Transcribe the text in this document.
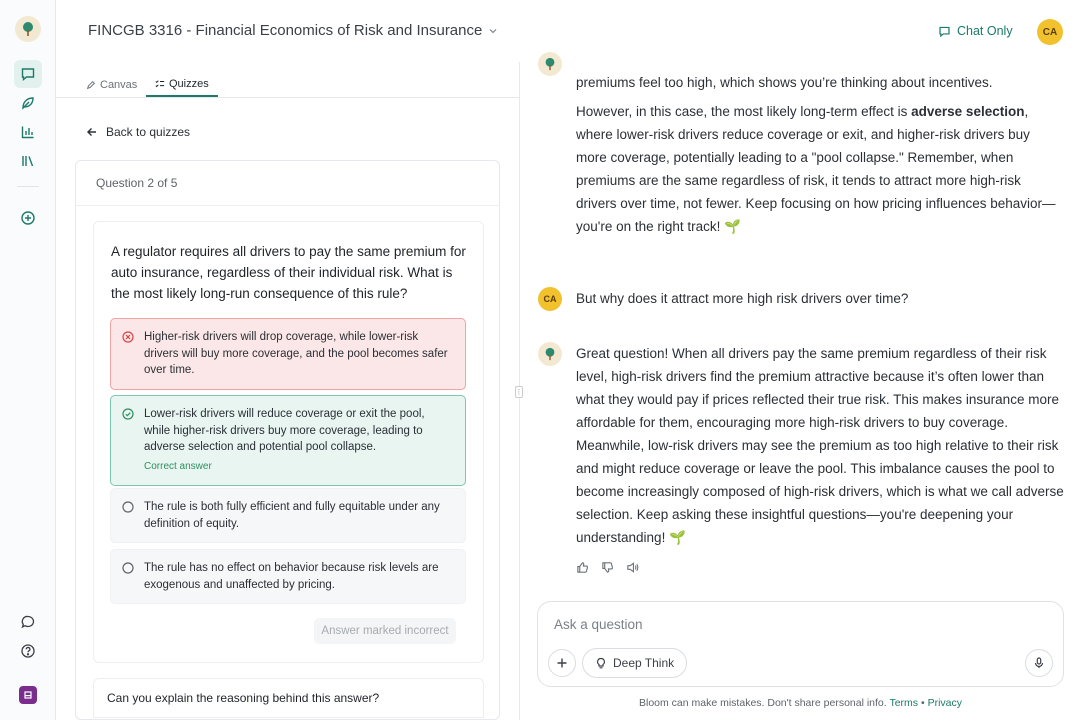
FINCGB 3316 - Financial Economics of Risk and Insurance	Chat Only	CA
Canvas	Quizzes
⋮
Back to quizzes
Question 2 of 5
A regulator requires all drivers to pay the same premium for auto insurance, regardless of their individual risk. What is the most likely long-run consequence of this rule?
Higher-risk drivers will drop coverage, while lower-risk drivers will buy more coverage, and the pool becomes safer over time.
Lower-risk drivers will reduce coverage or exit the pool, while higher-risk drivers buy more coverage, leading to adverse selection and potential pool collapse.
Correct answer
The rule is both fully efficient and fully equitable under any definition of equity.
The rule has no effect on behavior because risk levels are exogenous and unaffected by pricing.
Answer marked incorrect
Can you explain the reasoning behind this answer?
premiums feel too high, which shows you’re thinking about incentives.
However, in this case, the most likely long-term effect is adverse selection, where lower-risk drivers reduce coverage or exit, and higher-risk drivers buy more coverage, potentially leading to a "pool collapse." Remember, when premiums are the same regardless of risk, it tends to attract more high-risk drivers over time, not fewer. Keep focusing on how pricing influences behavior—you're on the right track! 🌱
CA	But why does it attract more high risk drivers over time?
Great question! When all drivers pay the same premium regardless of their risk level, high-risk drivers find the premium attractive because it’s often lower than what they would pay if prices reflected their true risk. This makes insurance more affordable for them, encouraging more high-risk drivers to buy coverage. Meanwhile, low-risk drivers may see the premium as too high relative to their risk and might reduce coverage or leave the pool. This imbalance causes the pool to become increasingly composed of high-risk drivers, which is what we call adverse selection. Keep asking these insightful questions—you're deepening your understanding! 🌱
Ask a question
Deep Think
Bloom can make mistakes. Don't share personal info. Terms • Privacy
